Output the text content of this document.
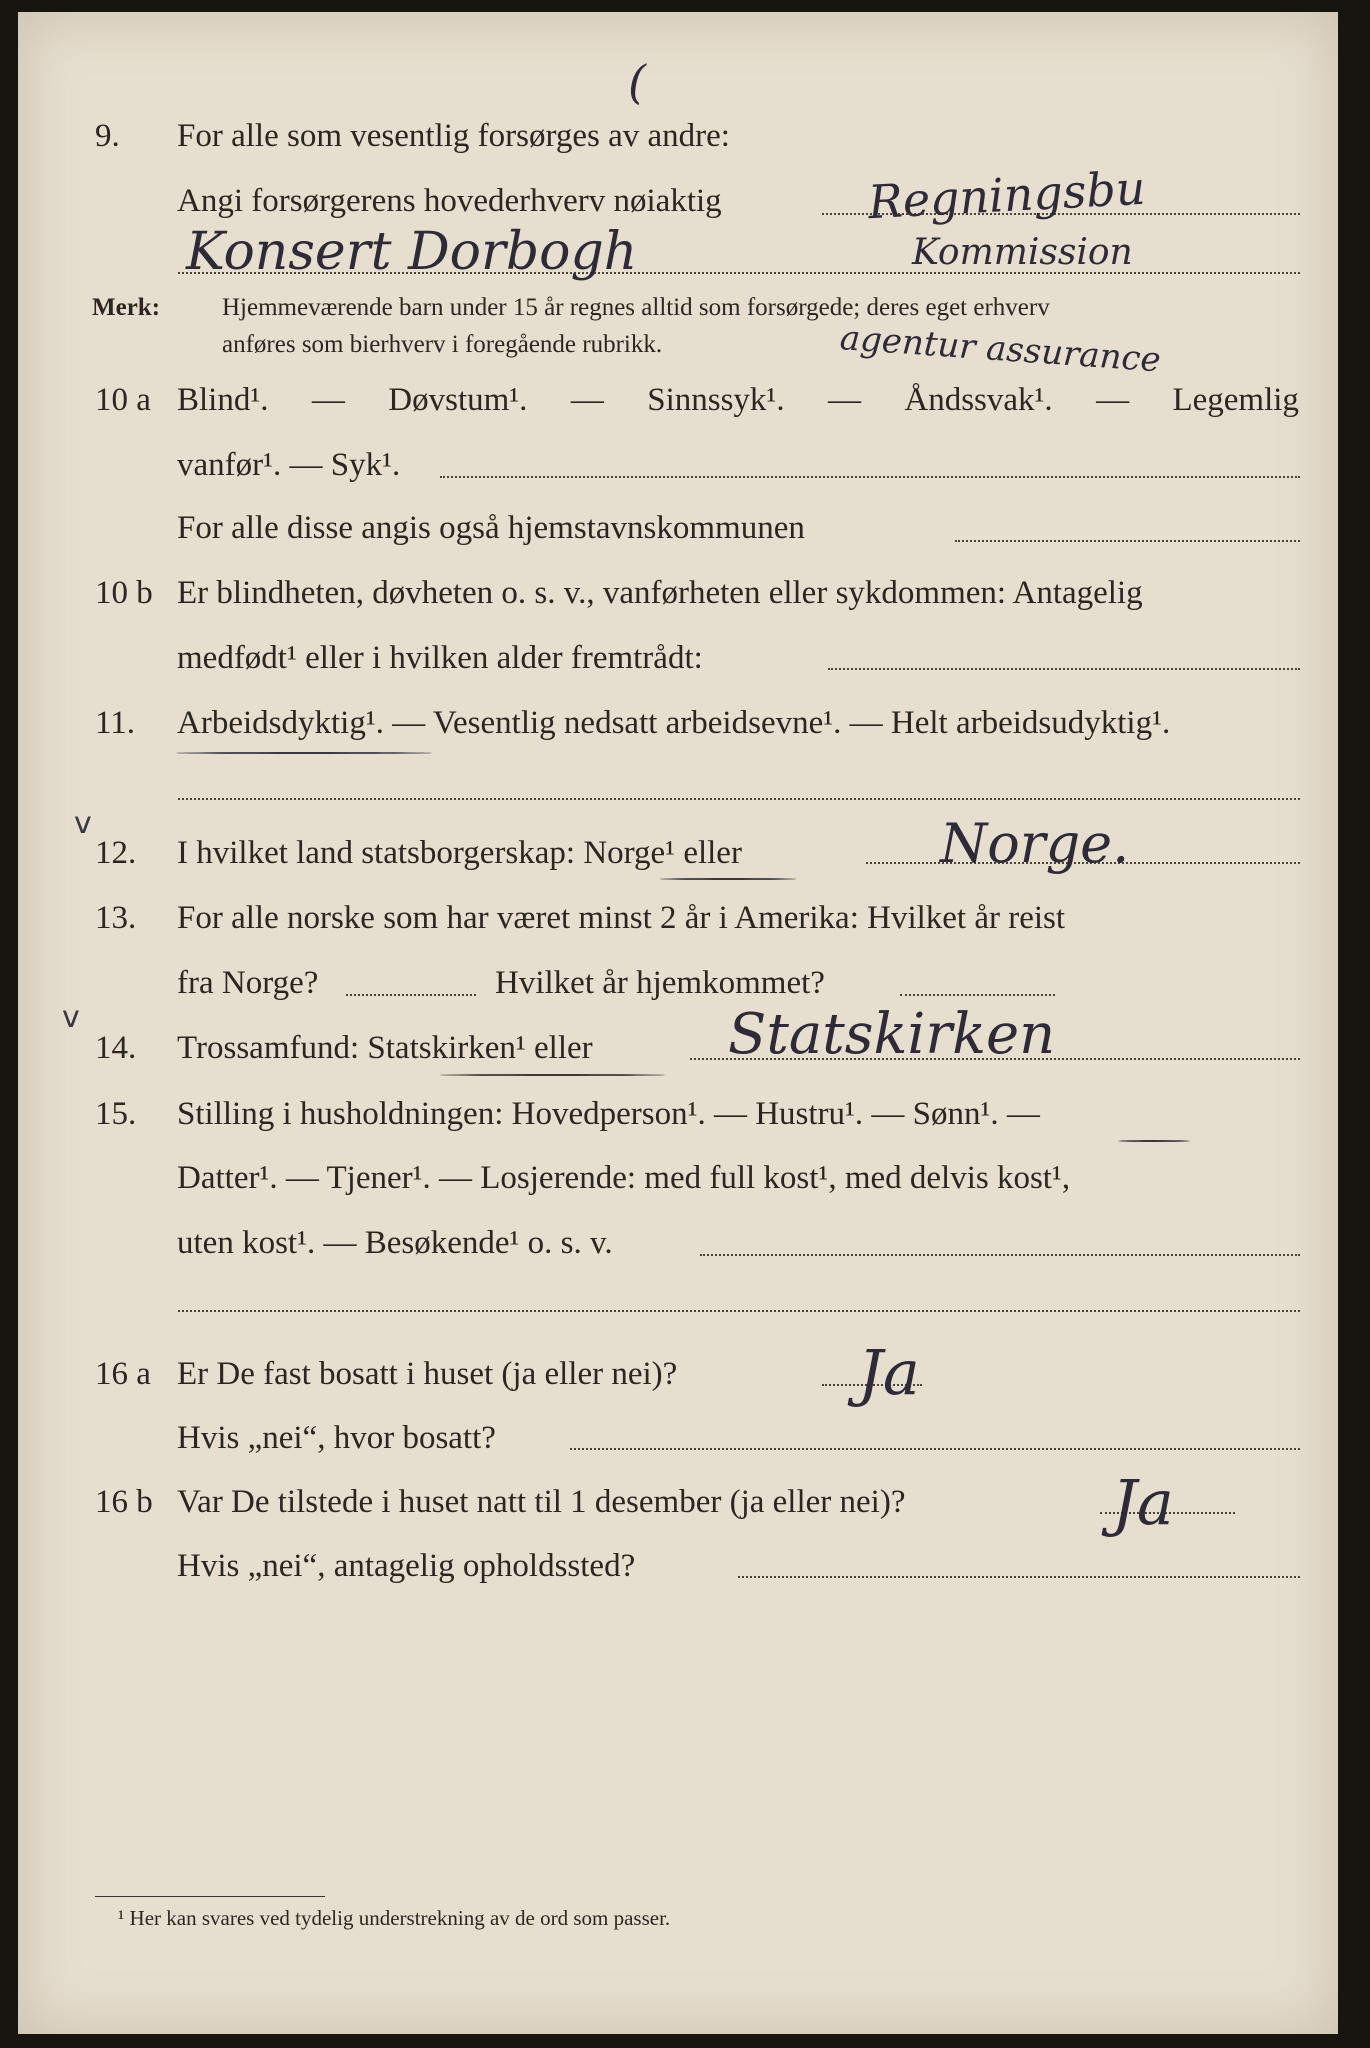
(
9. For alle som vesentlig forsørges av andre:
Angi forsørgerens hovederhverv nøiaktig	Regningsbu
Konsert Dorbogh	Kommission
Merk: Hjemmeværende barn under 15 år regnes alltid som forsørgede; deres eget erhverv
anføres som bierhverv i foregående rubrikk.	agentur assurance
10 a Blind¹. — Døvstum¹. — Sinnssyk¹. — Åndssvak¹. — Legemlig
vanfør¹. — Syk¹.
For alle disse angis også hjemstavnskommunen
10 b Er blindheten, døvheten o. s. v., vanførheten eller sykdommen: Antagelig
medfødt¹ eller i hvilken alder fremtrådt:
11. Arbeidsdyktig¹. — Vesentlig nedsatt arbeidsevne¹. — Helt arbeidsudyktig¹.
v
12. I hvilket land statsborgerskap: Norge¹ eller	Norge.
13. For alle norske som har været minst 2 år i Amerika: Hvilket år reist
fra Norge?	Hvilket år hjemkommet?
v
14. Trossamfund: Statskirken¹ eller Statskirken
15. Stilling i husholdningen: Hovedperson¹. — Hustru¹. — Sønn¹. —
Datter¹. — Tjener¹. — Losjerende: med full kost¹, med delvis kost¹,
uten kost¹. — Besøkende¹ o. s. v.
16 a Er De fast bosatt i huset (ja eller nei)?	Ja
Hvis „nei“, hvor bosatt?
16 b Var De tilstede i huset natt til 1 desember (ja eller nei)?	Ja
Hvis „nei“, antagelig opholdssted?
¹ Her kan svares ved tydelig understrekning av de ord som passer.
